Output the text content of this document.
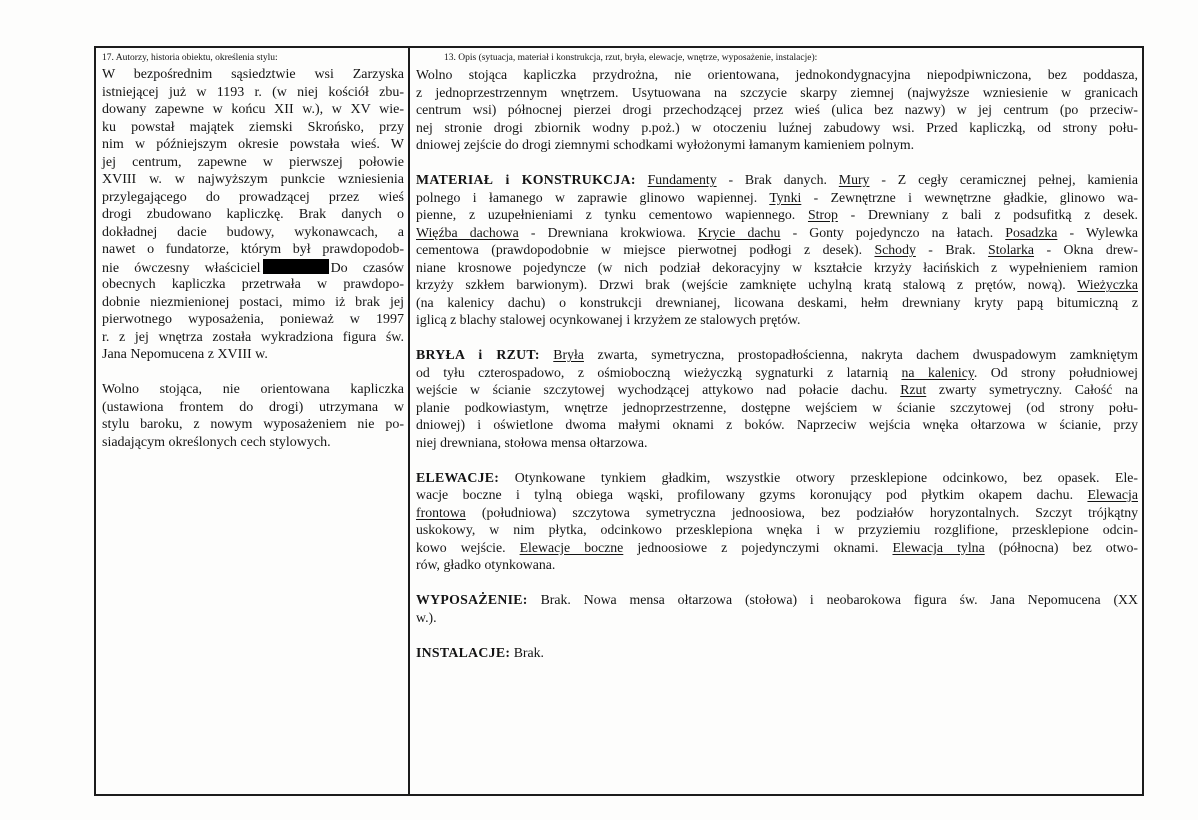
17. Autorzy, historia obiektu, określenia stylu:
W bezpośrednim sąsiedztwie wsi Zarzyska
istniejącej już w 1193 r. (w niej kościół zbu-
dowany zapewne w końcu XII w.), w XV wie-
ku powstał majątek ziemski Skrońsko, przy
nim w późniejszym okresie powstała wieś. W
jej centrum, zapewne w pierwszej połowie
XVIII w. w najwyższym punkcie wzniesienia
przylegającego do prowadzącej przez wieś
drogi zbudowano kapliczkę. Brak danych o
dokładnej dacie budowy, wykonawcach, a
nawet o fundatorze, którym był prawdopodob-
nie ówczesny właściciel	Do czasów
obecnych kapliczka przetrwała w prawdopo-
dobnie niezmienionej postaci, mimo iż brak jej
pierwotnego wyposażenia, ponieważ w 1997
r. z jej wnętrza została wykradziona figura św.
Jana Nepomucena z XVIII w.
Wolno stojąca, nie orientowana kapliczka
(ustawiona frontem do drogi) utrzymana w
stylu baroku, z nowym wyposażeniem nie po-
siadającym określonych cech stylowych.
13. Opis (sytuacja, materiał i konstrukcja, rzut, bryła, elewacje, wnętrze, wyposażenie, instalacje):
Wolno stojąca kapliczka przydrożna, nie orientowana, jednokondygnacyjna niepodpiwniczona, bez poddasza,
z jednoprzestrzennym wnętrzem. Usytuowana na szczycie skarpy ziemnej (najwyższe wzniesienie w granicach
centrum wsi) północnej pierzei drogi przechodzącej przez wieś (ulica bez nazwy) w jej centrum (po przeciw-
nej stronie drogi zbiornik wodny p.poż.) w otoczeniu luźnej zabudowy wsi. Przed kapliczką, od strony połu-
dniowej zejście do drogi ziemnymi schodkami wyłożonymi łamanym kamieniem polnym.
MATERIAŁ i KONSTRUKCJA: Fundamenty - Brak danych. Mury - Z cegły ceramicznej pełnej, kamienia
polnego i łamanego w zaprawie glinowo wapiennej. Tynki - Zewnętrzne i wewnętrzne gładkie, glinowo wa-
pienne, z uzupełnieniami z tynku cementowo wapiennego. Strop - Drewniany z bali z podsufitką z desek.
Więźba dachowa - Drewniana krokwiowa. Krycie dachu - Gonty pojedynczo na łatach. Posadzka - Wylewka
cementowa (prawdopodobnie w miejsce pierwotnej podłogi z desek). Schody - Brak. Stolarka - Okna drew-
niane krosnowe pojedyncze (w nich podział dekoracyjny w kształcie krzyży łacińskich z wypełnieniem ramion
krzyży szkłem barwionym). Drzwi brak (wejście zamknięte uchylną kratą stalową z prętów, nową). Wieżyczka
(na kalenicy dachu) o konstrukcji drewnianej, licowana deskami, hełm drewniany kryty papą bitumiczną z
iglicą z blachy stalowej ocynkowanej i krzyżem ze stalowych prętów.
BRYŁA i RZUT: Bryła zwarta, symetryczna, prostopadłościenna, nakryta dachem dwuspadowym zamkniętym
od tyłu czterospadowo, z ośmioboczną wieżyczką sygnaturki z latarnią na kalenicy. Od strony południowej
wejście w ścianie szczytowej wychodzącej attykowo nad połacie dachu. Rzut zwarty symetryczny. Całość na
planie podkowiastym, wnętrze jednoprzestrzenne, dostępne wejściem w ścianie szczytowej (od strony połu-
dniowej) i oświetlone dwoma małymi oknami z boków. Naprzeciw wejścia wnęka ołtarzowa w ścianie, przy
niej drewniana, stołowa mensa ołtarzowa.
ELEWACJE: Otynkowane tynkiem gładkim, wszystkie otwory przesklepione odcinkowo, bez opasek. Ele-
wacje boczne i tylną obiega wąski, profilowany gzyms koronujący pod płytkim okapem dachu. Elewacja
frontowa (południowa) szczytowa symetryczna jednoosiowa, bez podziałów horyzontalnych. Szczyt trójkątny
uskokowy, w nim płytka, odcinkowo przesklepiona wnęka i w przyziemiu rozglifione, przesklepione odcin-
kowo wejście. Elewacje boczne jednoosiowe z pojedynczymi oknami. Elewacja tylna (północna) bez otwo-
rów, gładko otynkowana.
WYPOSAŻENIE: Brak. Nowa mensa ołtarzowa (stołowa) i neobarokowa figura św. Jana Nepomucena (XX
w.).
INSTALACJE: Brak.
